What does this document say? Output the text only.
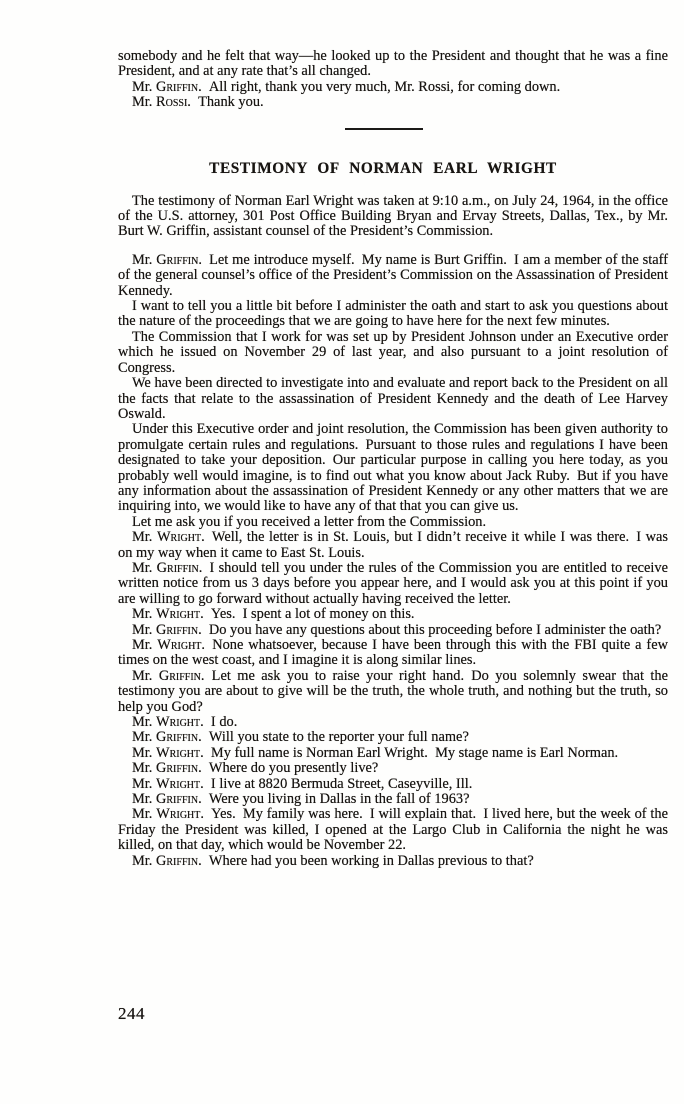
somebody and he felt that way—he looked up to the President and thought that he was a fine President, and at any rate that’s all changed.

Mr. Griffin. All right, thank you very much, Mr. Rossi, for coming down.

Mr. Rossi. Thank you.

TESTIMONY OF NORMAN EARL WRIGHT

The testimony of Norman Earl Wright was taken at 9:10 a.m., on July 24, 1964, in the office of the U.S. attorney, 301 Post Office Building Bryan and Ervay Streets, Dallas, Tex., by Mr. Burt W. Griffin, assistant counsel of the President’s Commission.

Mr. Griffin. Let me introduce myself. My name is Burt Griffin. I am a member of the staff of the general counsel’s office of the President’s Commission on the Assassination of President Kennedy.

I want to tell you a little bit before I administer the oath and start to ask you questions about the nature of the proceedings that we are going to have here for the next few minutes.

The Commission that I work for was set up by President Johnson under an Executive order which he issued on November 29 of last year, and also pursuant to a joint resolution of Congress.

We have been directed to investigate into and evaluate and report back to the President on all the facts that relate to the assassination of President Kennedy and the death of Lee Harvey Oswald.

Under this Executive order and joint resolution, the Commission has been given authority to promulgate certain rules and regulations. Pursuant to those rules and regulations I have been designated to take your deposition. Our particular purpose in calling you here today, as you probably well would imagine, is to find out what you know about Jack Ruby. But if you have any information about the assassination of President Kennedy or any other matters that we are inquiring into, we would like to have any of that that you can give us.

Let me ask you if you received a letter from the Commission.

Mr. Wright. Well, the letter is in St. Louis, but I didn’t receive it while I was there. I was on my way when it came to East St. Louis.

Mr. Griffin. I should tell you under the rules of the Commission you are entitled to receive written notice from us 3 days before you appear here, and I would ask you at this point if you are willing to go forward without actually having received the letter.

Mr. Wright. Yes. I spent a lot of money on this.

Mr. Griffin. Do you have any questions about this proceeding before I administer the oath?

Mr. Wright. None whatsoever, because I have been through this with the FBI quite a few times on the west coast, and I imagine it is along similar lines.

Mr. Griffin. Let me ask you to raise your right hand. Do you solemnly swear that the testimony you are about to give will be the truth, the whole truth, and nothing but the truth, so help you God?

Mr. Wright. I do.

Mr. Griffin. Will you state to the reporter your full name?

Mr. Wright. My full name is Norman Earl Wright. My stage name is Earl Norman.

Mr. Griffin. Where do you presently live?

Mr. Wright. I live at 8820 Bermuda Street, Caseyville, Ill.

Mr. Griffin. Were you living in Dallas in the fall of 1963?

Mr. Wright. Yes. My family was here. I will explain that. I lived here, but the week of the Friday the President was killed, I opened at the Largo Club in California the night he was killed, on that day, which would be November 22.

Mr. Griffin. Where had you been working in Dallas previous to that?

244
